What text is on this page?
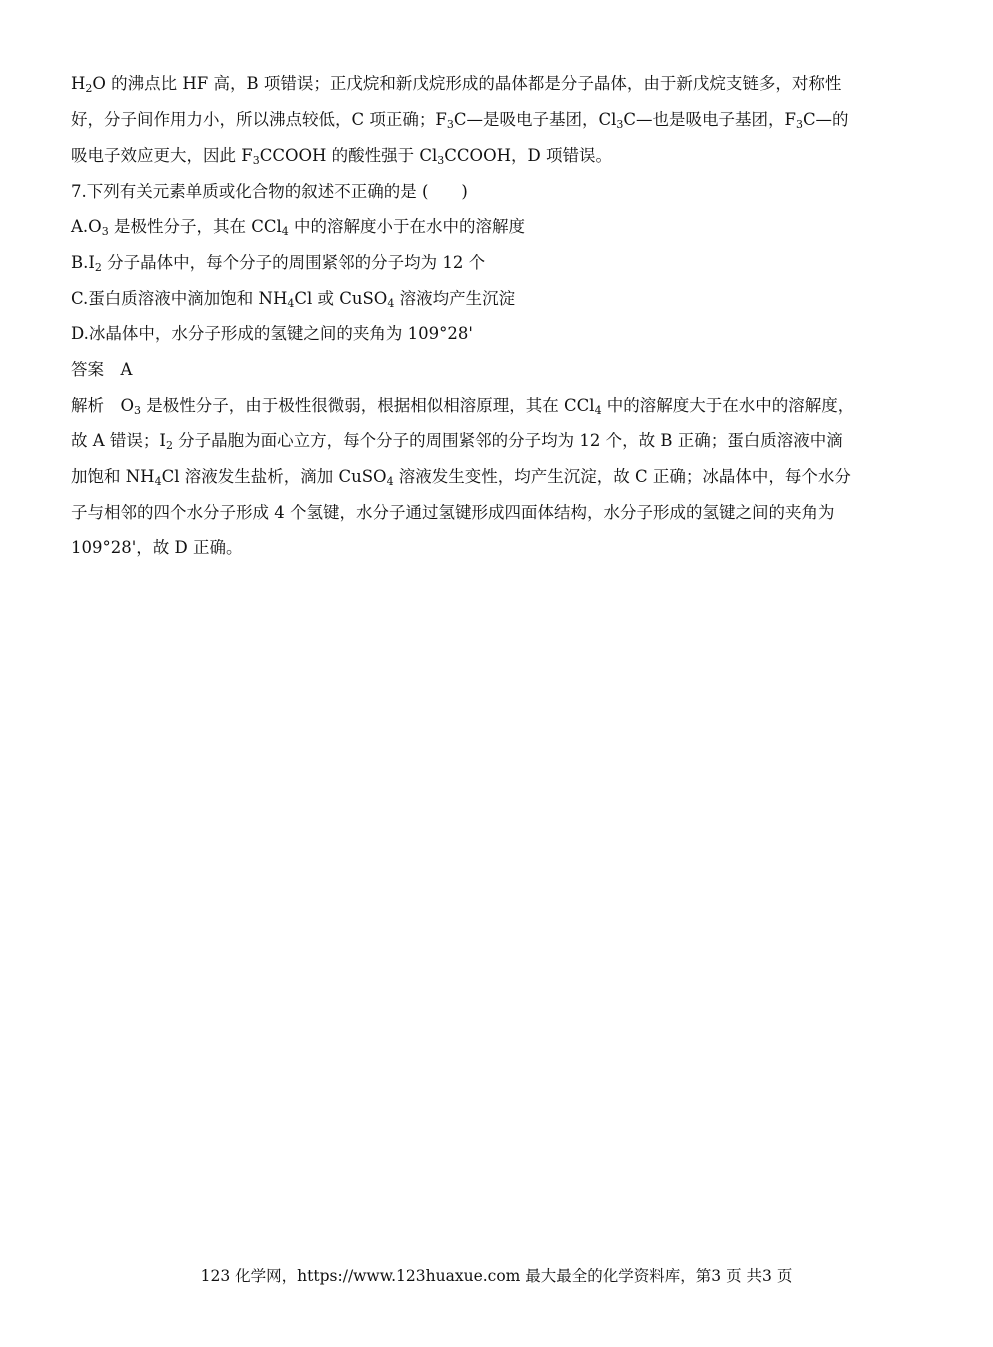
$H_2O$ 的沸点比 HF 高，B 项错误；正戊烷和新戊烷形成的晶体都是分子晶体，由于新戊烷支链多，对称性
好，分子间作用力小，所以沸点较低，C 项正确；$F_3C—$是吸电子基团，$Cl_3C—$也是吸电子基团，$F_3C—$的
吸电子效应更大，因此 $F_3CCOOH$ 的酸性强于 $Cl_3CCOOH$，D 项错误。
7.下列有关元素单质或化合物的叙述不正确的是 (　　)
$A.O_3$ 是极性分子，其在 CCl$_4$ 中的溶解度小于在水中的溶解度
$B.I_2$ 分子晶体中，每个分子的周围紧邻的分子均为 12 个
C.蛋白质溶液中滴加饱和 $NH_4Cl$ 或 CuSO$_4$ 溶液均产生沉淀
D.冰晶体中，水分子形成的氢键之间的夹角为 109°28'
答案　A
解析　$O_3$ 是极性分子，由于极性很微弱，根据相似相溶原理，其在 CCl$_4$ 中的溶解度大于在水中的溶解度，
故 A 错误；$I_2$ 分子晶胞为面心立方，每个分子的周围紧邻的分子均为 12 个，故 B 正确；蛋白质溶液中滴
加饱和 $NH_4Cl$ 溶液发生盐析，滴加 CuSO$_4$ 溶液发生变性，均产生沉淀，故 C 正确；冰晶体中，每个水分
子与相邻的四个水分子形成 4 个氢键，水分子通过氢键形成四面体结构，水分子形成的氢键之间的夹角为
109°28'，故 D 正确。
123 化学网，https://www.123huaxue.com 最大最全的化学资料库，第3 页 共3 页
